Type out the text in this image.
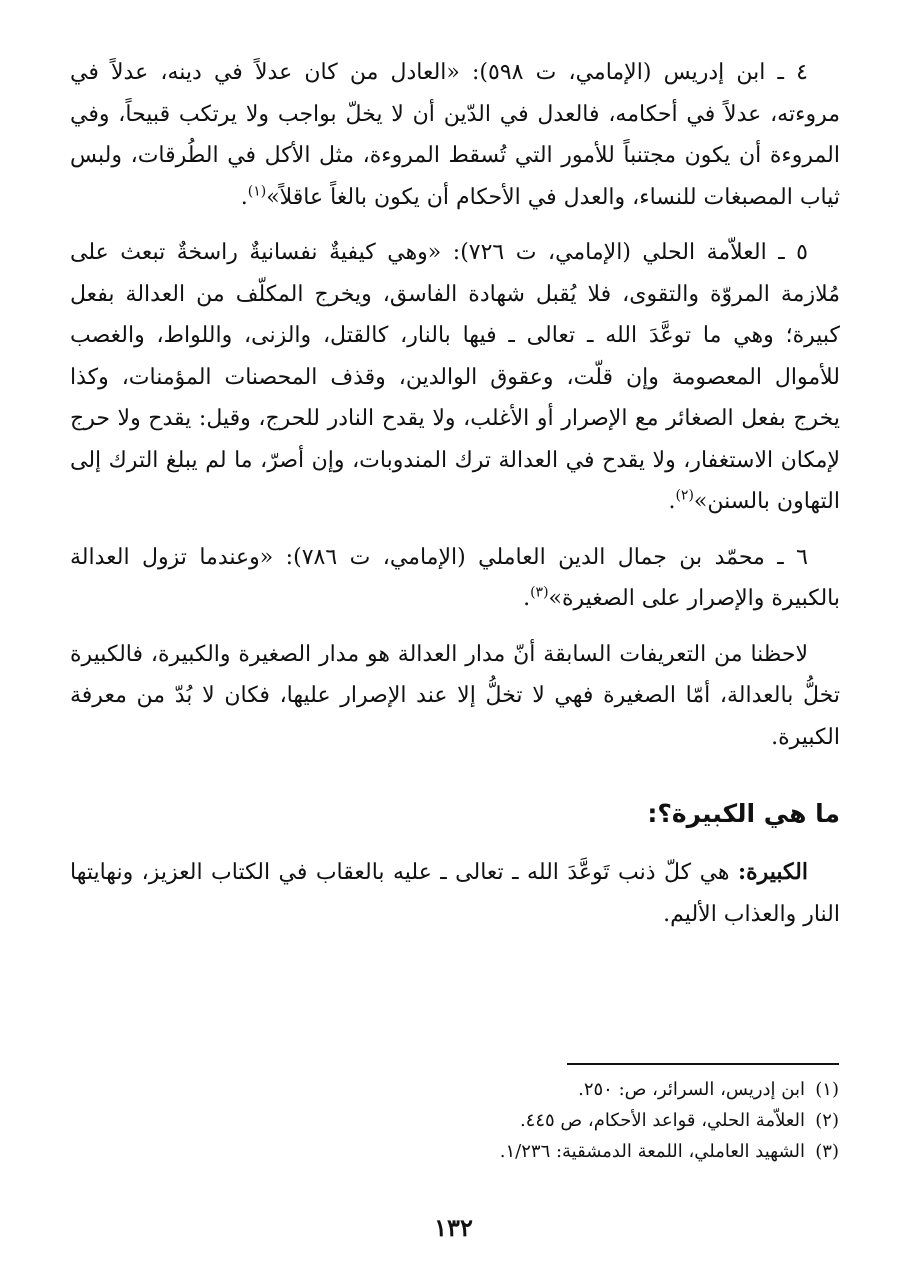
٤ ـ ابن إدريس (الإمامي، ت ٥٩٨): «العادل من كان عدلاً في دينه، عدلاً في مروءته، عدلاً في أحكامه، فالعدل في الدّين أن لا يخلّ بواجب ولا يرتكب قبيحاً، وفي المروءة أن يكون مجتنباً للأمور التي تُسقط المروءة، مثل الأكل في الطُرقات، ولبس ثياب المصبغات للنساء، والعدل في الأحكام أن يكون بالغاً عاقلاً»$^{(١)}$.

٥ ـ العلاّمة الحلي (الإمامي، ت ٧٢٦): «وهي كيفيةٌ نفسانيةٌ راسخةٌ تبعث على مُلازمة المروّة والتقوى، فلا يُقبل شهادة الفاسق، ويخرج المكلّف من العدالة بفعل كبيرة؛ وهي ما توعَّدَ الله ـ تعالى ـ فيها بالنار، كالقتل، والزنى، واللواط، والغصب للأموال المعصومة وإن قلّت، وعقوق الوالدين، وقذف المحصنات المؤمنات، وكذا يخرج بفعل الصغائر مع الإصرار أو الأغلب، ولا يقدح النادر للحرج، وقيل: يقدح ولا حرج لإمكان الاستغفار، ولا يقدح في العدالة ترك المندوبات، وإن أصرّ، ما لم يبلغ الترك إلى التهاون بالسنن»$^{(٢)}$.

٦ ـ محمّد بن جمال الدين العاملي (الإمامي، ت ٧٨٦): «وعندما تزول العدالة بالكبيرة والإصرار على الصغيرة»$^{(٣)}$.

لاحظنا من التعريفات السابقة أنّ مدار العدالة هو مدار الصغيرة والكبيرة، فالكبيرة تخلُّ بالعدالة، أمّا الصغيرة فهي لا تخلُّ إلا عند الإصرار عليها، فكان لا بُدّ من معرفة الكبيرة.

ما هي الكبيرة؟:

الكبيرة: هي كلّ ذنب تَوعَّدَ الله ـ تعالى ـ عليه بالعقاب في الكتاب العزيز، ونهايتها النار والعذاب الأليم.

(١)ابن إدريس، السرائر، ص: ٢٥٠.
(٢)العلاّمة الحلي، قواعد الأحكام، ص ٤٤٥.
(٣)الشهيد العاملي، اللمعة الدمشقية: ١/٢٣٦.
١٣٢
